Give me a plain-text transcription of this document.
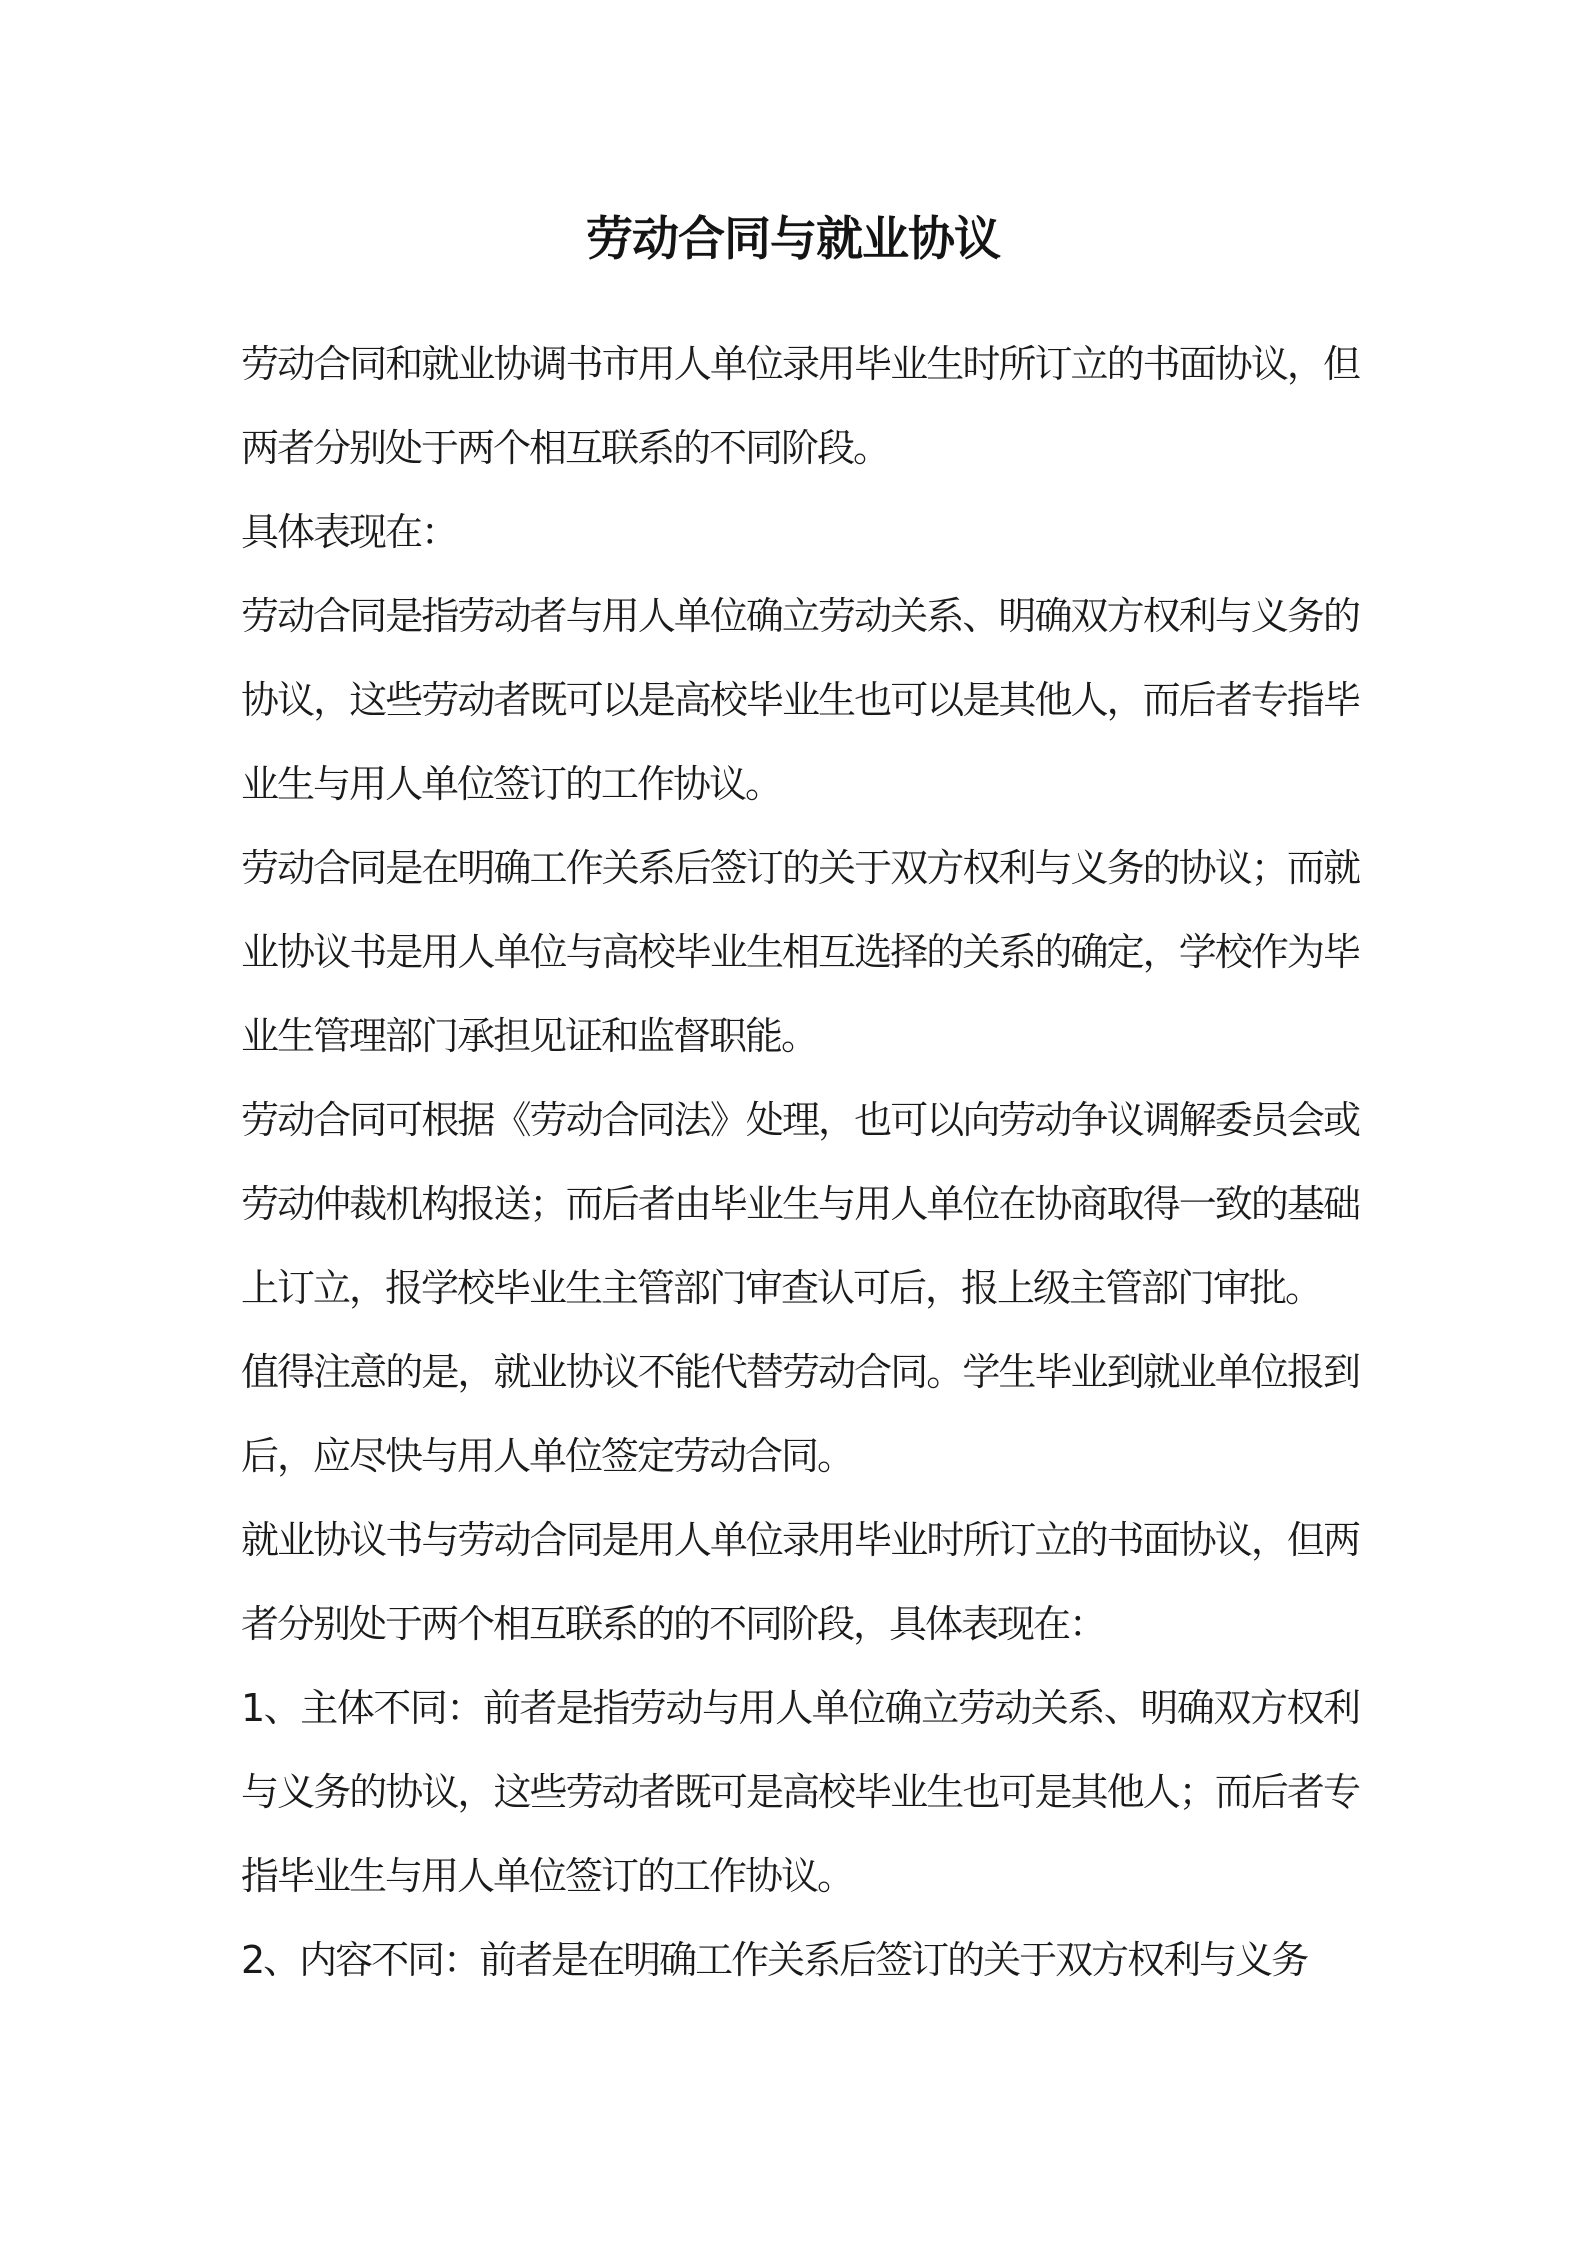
劳动合同与就业协议

劳动合同和就业协调书市用人单位录用毕业生时所订立的书面协议，但两者分别处于两个相互联系的不同阶段。

具体表现在：

劳动合同是指劳动者与用人单位确立劳动关系、明确双方权利与义务的协议，这些劳动者既可以是高校毕业生也可以是其他人，而后者专指毕业生与用人单位签订的工作协议。

劳动合同是在明确工作关系后签订的关于双方权利与义务的协议；而就业协议书是用人单位与高校毕业生相互选择的关系的确定，学校作为毕业生管理部门承担见证和监督职能。

劳动合同可根据《劳动合同法》处理，也可以向劳动争议调解委员会或劳动仲裁机构报送；而后者由毕业生与用人单位在协商取得一致的基础上订立，报学校毕业生主管部门审查认可后，报上级主管部门审批。

值得注意的是，就业协议不能代替劳动合同。学生毕业到就业单位报到后，应尽快与用人单位签定劳动合同。

就业协议书与劳动合同是用人单位录用毕业时所订立的书面协议，但两者分别处于两个相互联系的的不同阶段，具体表现在：

1、主体不同：前者是指劳动与用人单位确立劳动关系、明确双方权利与义务的协议，这些劳动者既可是高校毕业生也可是其他人；而后者专指毕业生与用人单位签订的工作协议。

2、内容不同：前者是在明确工作关系后签订的关于双方权利与义务
